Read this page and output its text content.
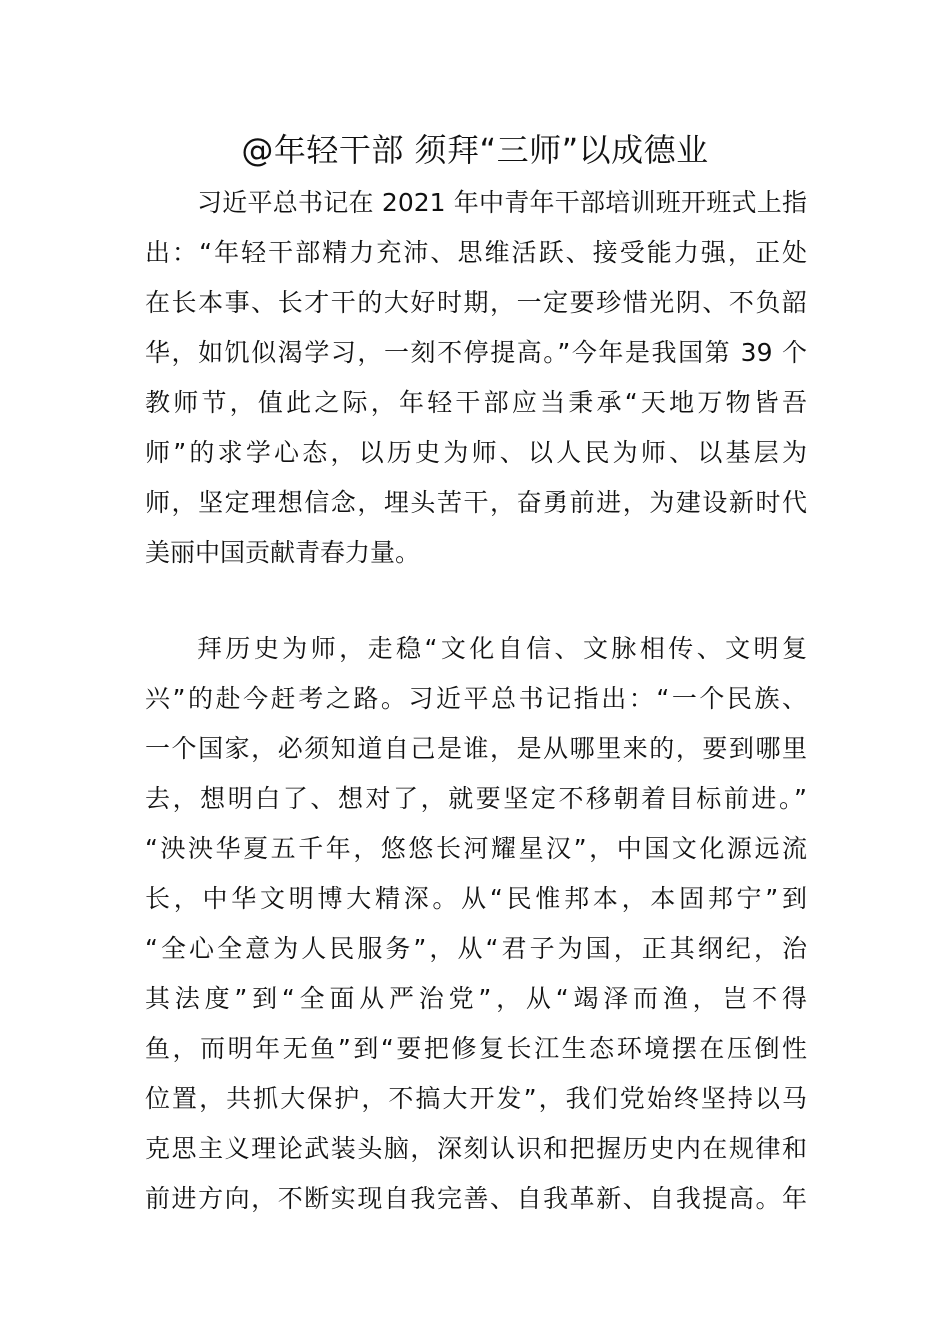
@年轻干部 须拜“三师”以成德业
习近平总书记在 2021 年中青年干部培训班开班式上指
出：“年轻干部精力充沛、思维活跃、接受能力强，正处
在长本事、长才干的大好时期，一定要珍惜光阴、不负韶
华，如饥似渴学习，一刻不停提高。”今年是我国第 39 个
教师节，值此之际，年轻干部应当秉承“天地万物皆吾
师”的求学心态，以历史为师、以人民为师、以基层为
师，坚定理想信念，埋头苦干，奋勇前进，为建设新时代
美丽中国贡献青春力量。
拜历史为师，走稳“文化自信、文脉相传、文明复
兴”的赴今赶考之路。习近平总书记指出：“一个民族、
一个国家，必须知道自己是谁，是从哪里来的，要到哪里
去，想明白了、想对了，就要坚定不移朝着目标前进。”
“泱泱华夏五千年，悠悠长河耀星汉”，中国文化源远流
长，中华文明博大精深。从“民惟邦本，本固邦宁”到
“全心全意为人民服务”，从“君子为国，正其纲纪，治
其法度”到“全面从严治党”，从“竭泽而渔，岂不得
鱼，而明年无鱼”到“要把修复长江生态环境摆在压倒性
位置，共抓大保护，不搞大开发”，我们党始终坚持以马
克思主义理论武装头脑，深刻认识和把握历史内在规律和
前进方向，不断实现自我完善、自我革新、自我提高。年
